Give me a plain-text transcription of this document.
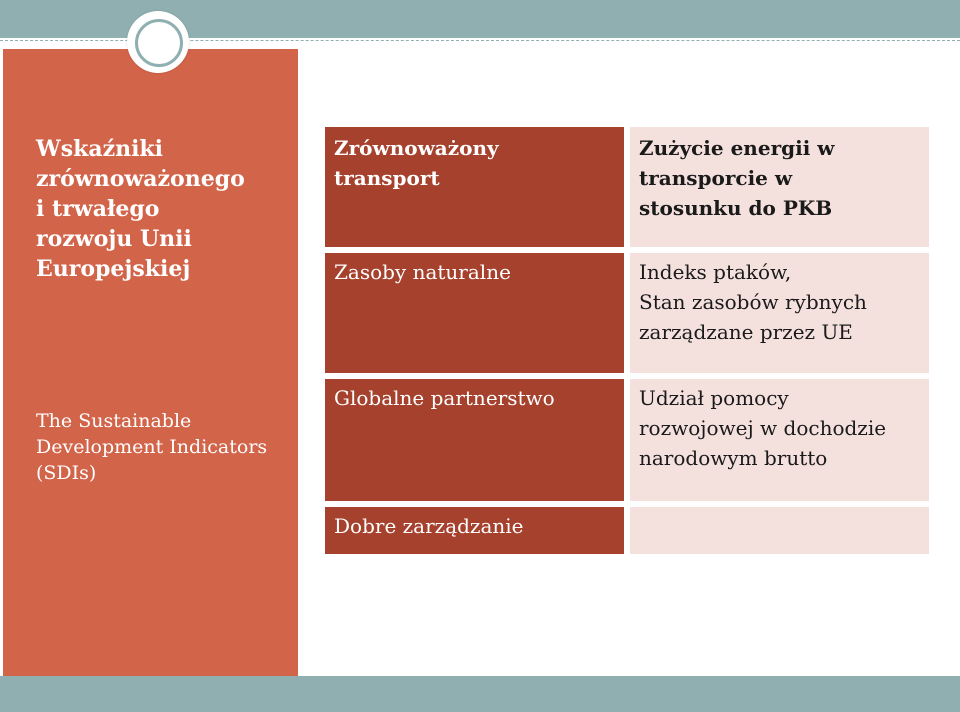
Wskaźniki
zrównoważonego
i trwałego
rozwoju Unii
Europejskiej

The Sustainable
Development Indicators
(SDIs)

Zrównoważony
transport
Zużycie energii w
transporcie w
stosunku do PKB
Zasoby naturalne	Indeks ptaków,
Stan zasobów rybnych
zarządzane przez UE
Globalne partnerstwo	Udział pomocy
rozwojowej w dochodzie
narodowym brutto
Dobre zarządzanie
